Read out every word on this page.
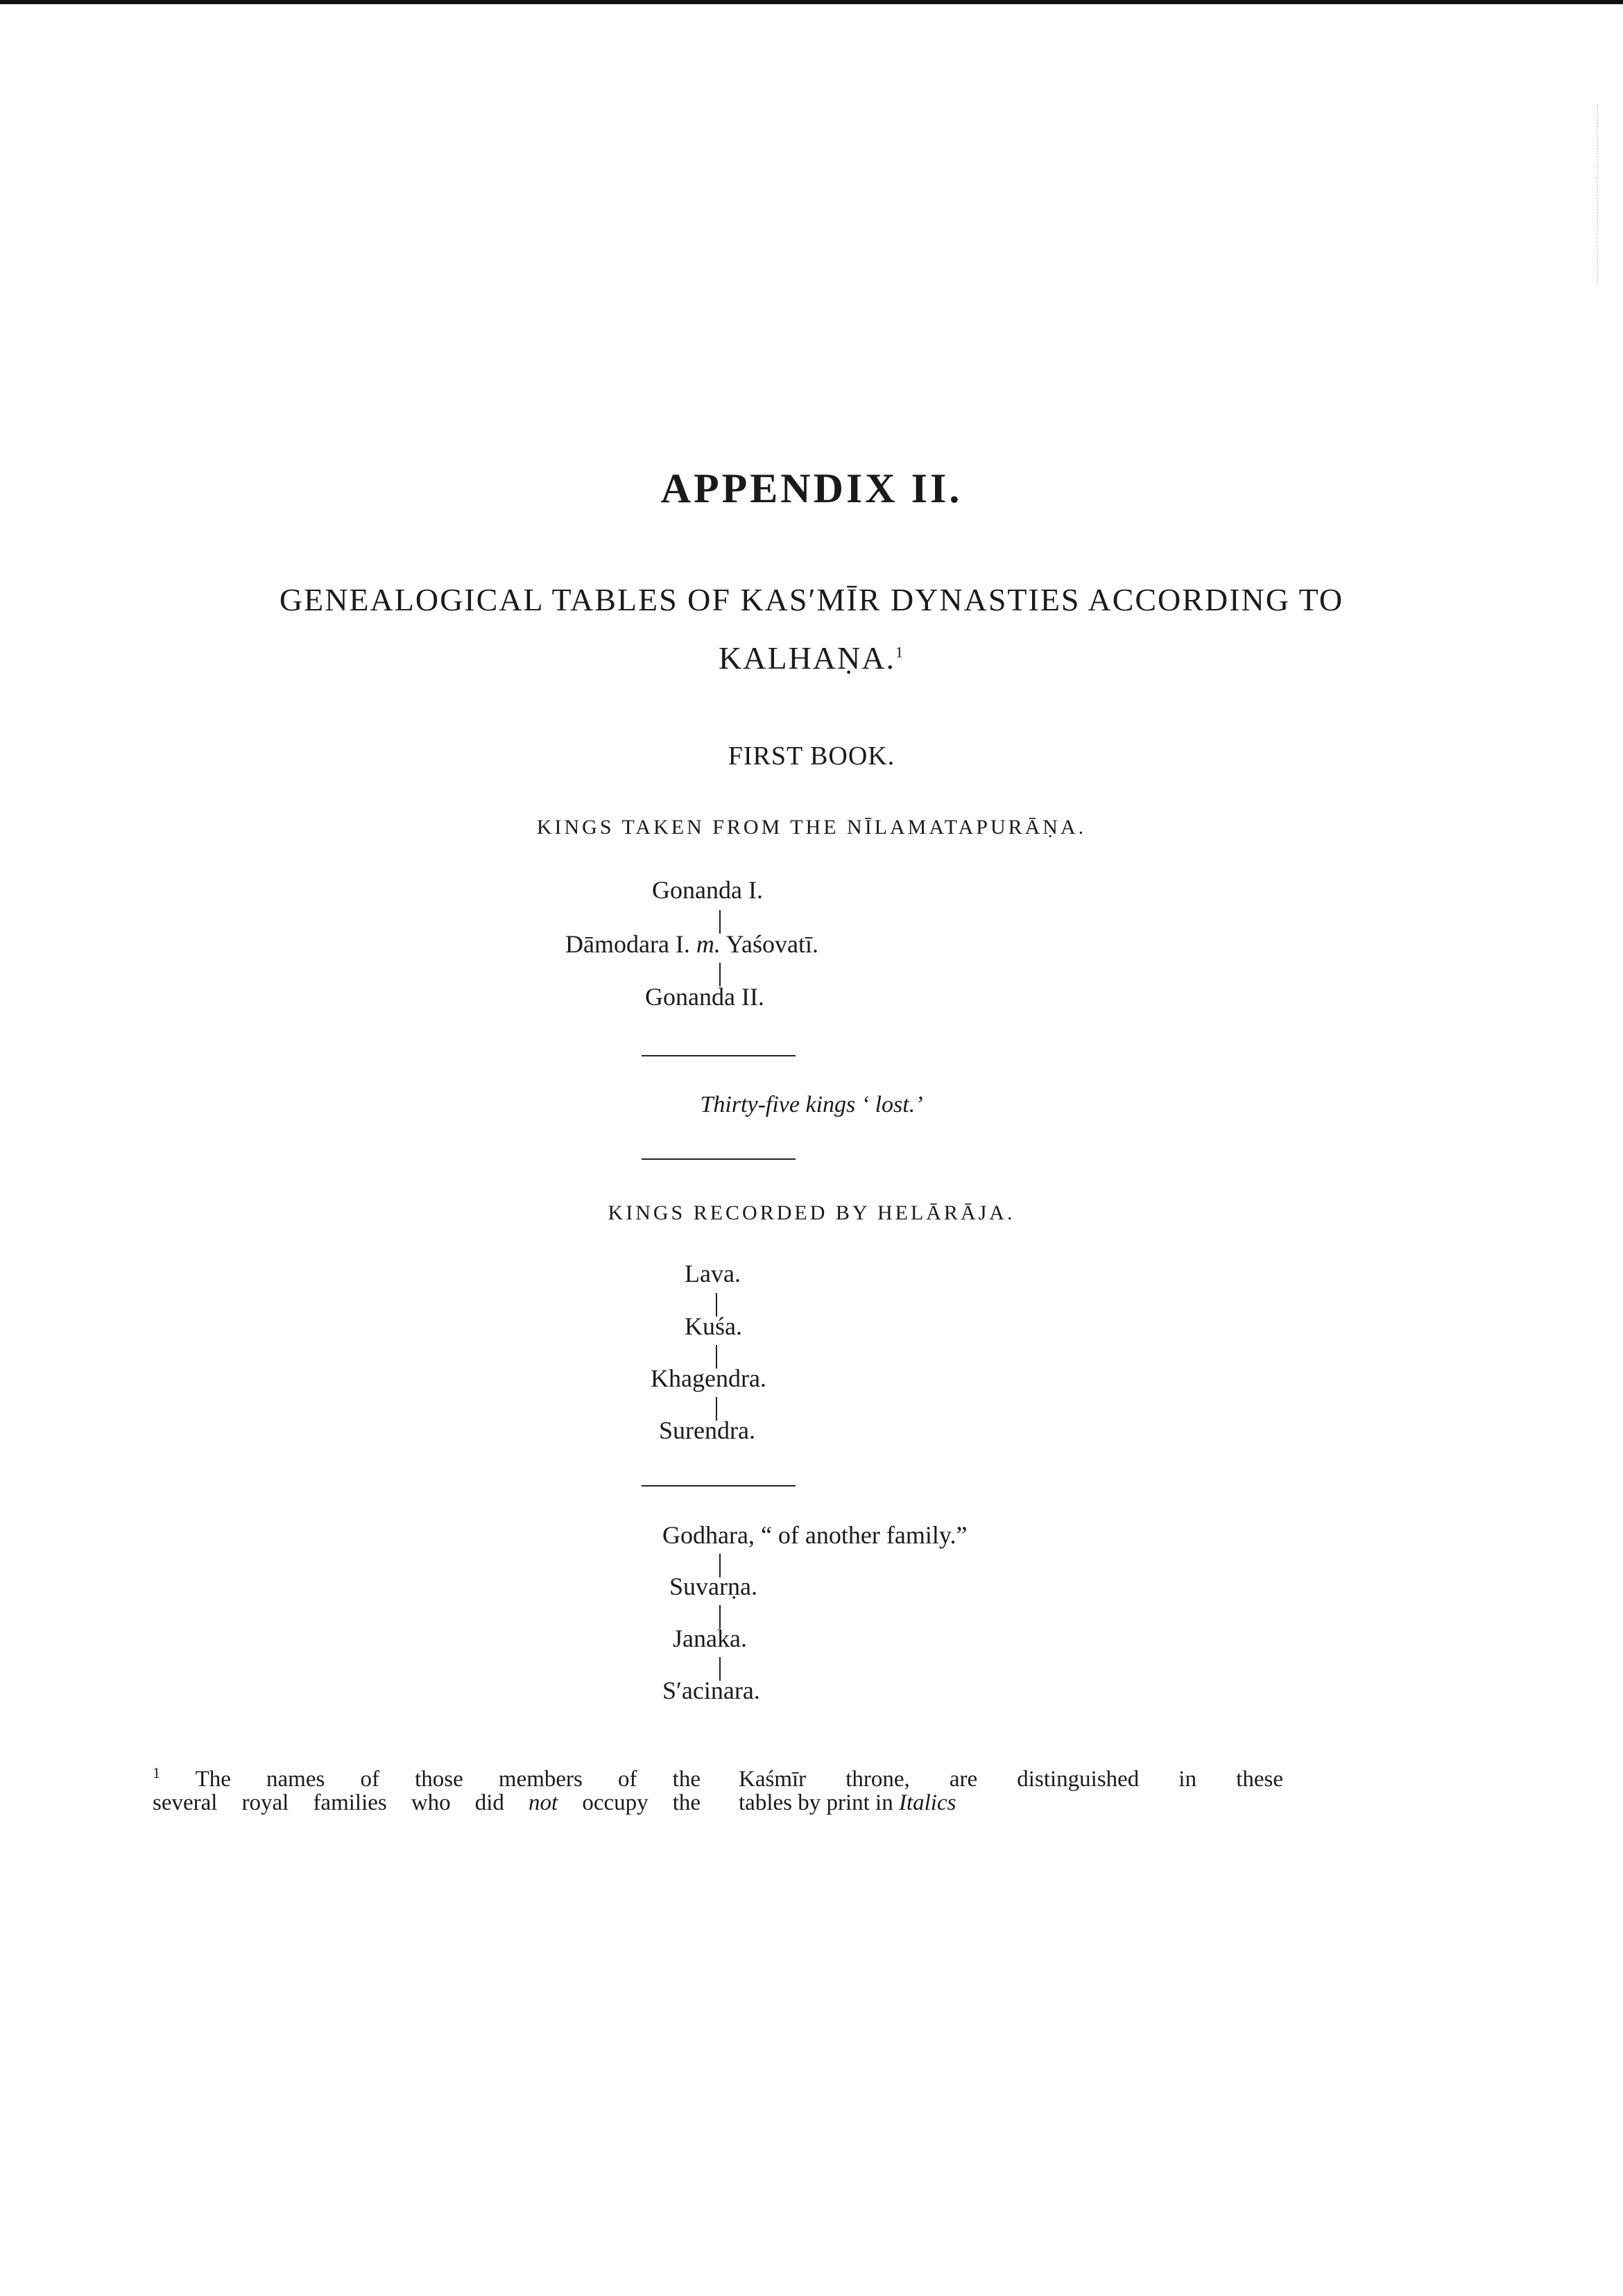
APPENDIX II.
GENEALOGICAL TABLES OF KAS′MĪR DYNASTIES ACCORDING TO
KALHAṆA.$^1$
FIRST BOOK.
KINGS TAKEN FROM THE NĪLAMATAPURĀṆA.
Gonanda I.
Dāmodara I. m. Yaśovatī.
Gonanda II.
Thirty-five kings ‘ lost.’
KINGS RECORDED BY HELĀRĀJA.
Lava.
Kuśa.
Khagendra.
Surendra.
Godhara, “ of another family.”
Suvarṇa.
Janaka.
S′acinara.
$^1$ The names of those members of the
several royal families who did not occupy the
Kaśmīr throne, are distinguished in these
tables by print in Italics
